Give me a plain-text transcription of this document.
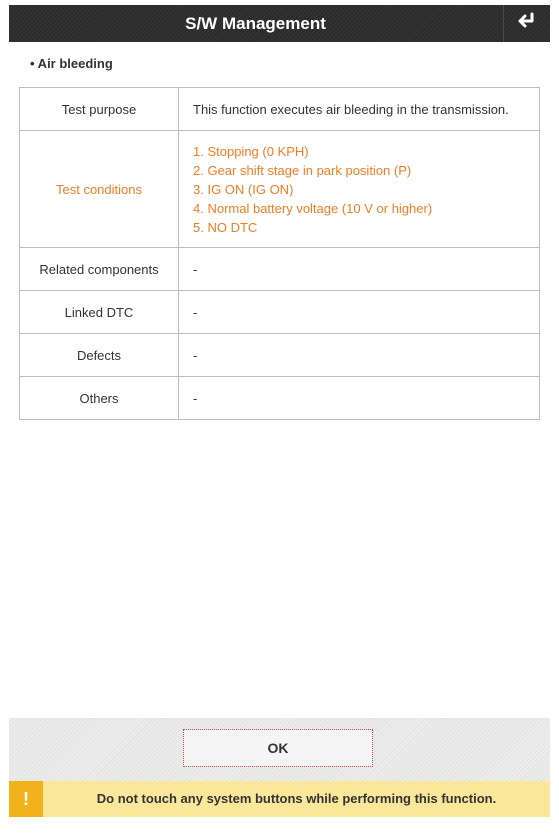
S/W Management
• Air bleeding
Test purpose	This function executes air bleeding in the transmission.
Test conditions	1. Stopping (0 KPH)
2. Gear shift stage in park position (P)
3. IG ON (IG ON)
4. Normal battery voltage (10 V or higher)
5. NO DTC

Related components	-
Linked DTC	-
Defects	-
Others	-
OK
!	Do not touch any system buttons while performing this function.
